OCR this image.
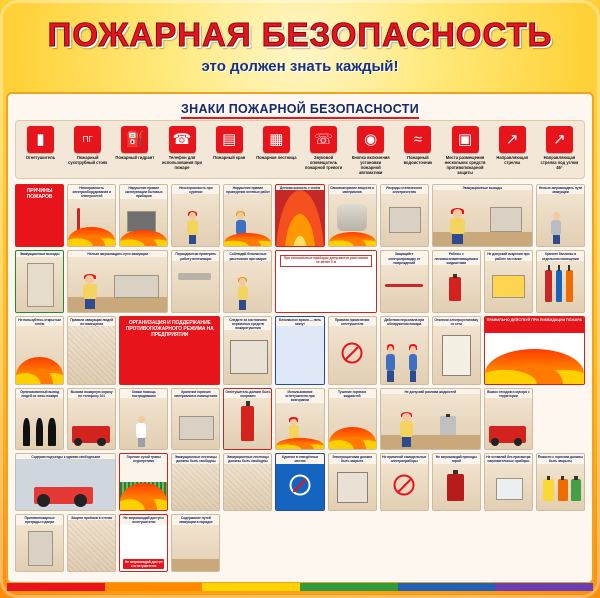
ПОЖАРНАЯ БЕЗОПАСНОСТЬ
это должен знать каждый!
ЗНАКИ ПОЖАРНОЙ БЕЗОПАСНОСТИ
▮
Огнетушитель
ПГ
Пожарный сухотрубный стояк
⛽
Пожарный гидрант
☎
Телефон для использования при пожаре
▤
Пожарный кран
▦
Пожарная лестница
☏
Звуковой оповещатель пожарной тревоги
◉
Кнопка включения установки пожарной автоматики
≈
Пожарный водоисточник
▣
Места размещения нескольких средств противопожарной защиты
↗
Направляющая стрелка
↗
Направляющая стрелка под углом 45°
ПРИЧИНЫ ПОЖАРОВ
Неисправность электрооборудования и электросетей
Нарушение правил эксплуатации бытовых приборов
Неосторожность при курении
Нарушение правил проведения огневых работ
Детская шалость с огнём	Самовозгорание веществ и материалов
Разряды статического электричества
Эвакуационные выходы	Нельзя загромождать пути эвакуации
Эвакуационные выходы	Нельзя загромождать пути эвакуации	Периодически проверять работу вентиляции
Соблюдай безопасные расстояния при сварке	При отключённых приборах допускается расстояние не менее 5 м
Защищайте электропроводку от повреждений
Работы с легковоспламеняющимися жидкостями
Не допускай искрения при работе на станке
Храните баллоны в отдельном помещении
Не пользуйтесь открытым огнём
Правила эвакуации людей из помещения	ОРГАНИЗАЦИЯ И ПОДДЕРЖАНИЕ ПРОТИВОПОЖАРНОГО РЕЖИМА НА ПРЕДПРИЯТИИ
Следите за состоянием первичных средств пожаротушения
Безопасное время — пять минут
Правила применения огнетушителя
Действия персонала при обнаружении пожара
Отключи электроустановку от сети
ПРАВИЛЬНО ДЕЙСТВУЙ ПРИ ЛИКВИДАЦИИ ПОЖАРА
Организованный вывод людей из зоны пожара
Вызови пожарную охрану по телефону 101
Окажи помощь пострадавшим
Хранение горючих материалов в помещениях
Огнетушитель должен быть исправен
Использование огнетушителя при возгорании
Тушение горючих жидкостей
Не допускай разлива жидкостей	Вывоз отходов и мусора с территории
Содержи подъезды к зданию свободными	Горение сухой травы недопустимо
Эвакуационные лестницы должны быть свободны
Эвакуационные лестницы должны быть свободны
Курение в отведённых местах
Электрощитовая должна быть закрыта
Не применяй самодельные электроприборы
Не загромождай проходы тарой
Не оставляй без присмотра нагревательные приборы
Ёмкости с горючим должны быть закрыты
Противопожарные преграды и двери
Защита проёмов в стенах	Не загромождай доступ к огнетушителю
Не загромождай доступ к огнетушителю
Содержание путей эвакуации в порядке
